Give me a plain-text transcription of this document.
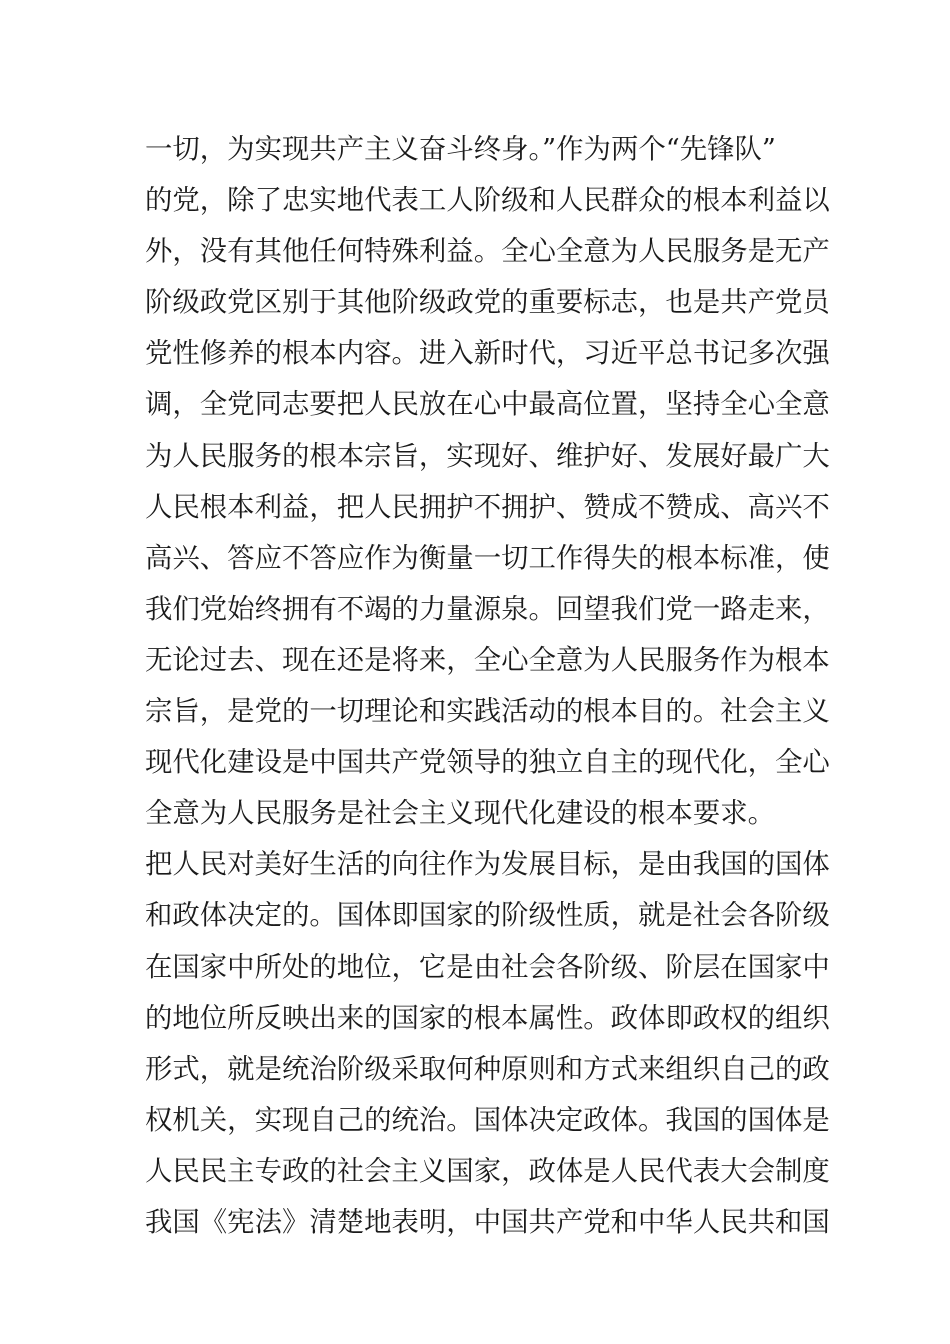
一切，为实现共产主义奋斗终身。”作为两个“先锋队”
的党，除了忠实地代表工人阶级和人民群众的根本利益以
外，没有其他任何特殊利益。全心全意为人民服务是无产
阶级政党区别于其他阶级政党的重要标志，也是共产党员
党性修养的根本内容。进入新时代，习近平总书记多次强
调，全党同志要把人民放在心中最高位置，坚持全心全意
为人民服务的根本宗旨，实现好、维护好、发展好最广大
人民根本利益，把人民拥护不拥护、赞成不赞成、高兴不
高兴、答应不答应作为衡量一切工作得失的根本标准，使
我们党始终拥有不竭的力量源泉。回望我们党一路走来，
无论过去、现在还是将来，全心全意为人民服务作为根本
宗旨，是党的一切理论和实践活动的根本目的。社会主义
现代化建设是中国共产党领导的独立自主的现代化，全心
全意为人民服务是社会主义现代化建设的根本要求。
把人民对美好生活的向往作为发展目标，是由我国的国体
和政体决定的。国体即国家的阶级性质，就是社会各阶级
在国家中所处的地位，它是由社会各阶级、阶层在国家中
的地位所反映出来的国家的根本属性。政体即政权的组织
形式，就是统治阶级采取何种原则和方式来组织自己的政
权机关，实现自己的统治。国体决定政体。我国的国体是
人民民主专政的社会主义国家，政体是人民代表大会制度
我国《宪法》清楚地表明，中国共产党和中华人民共和国
